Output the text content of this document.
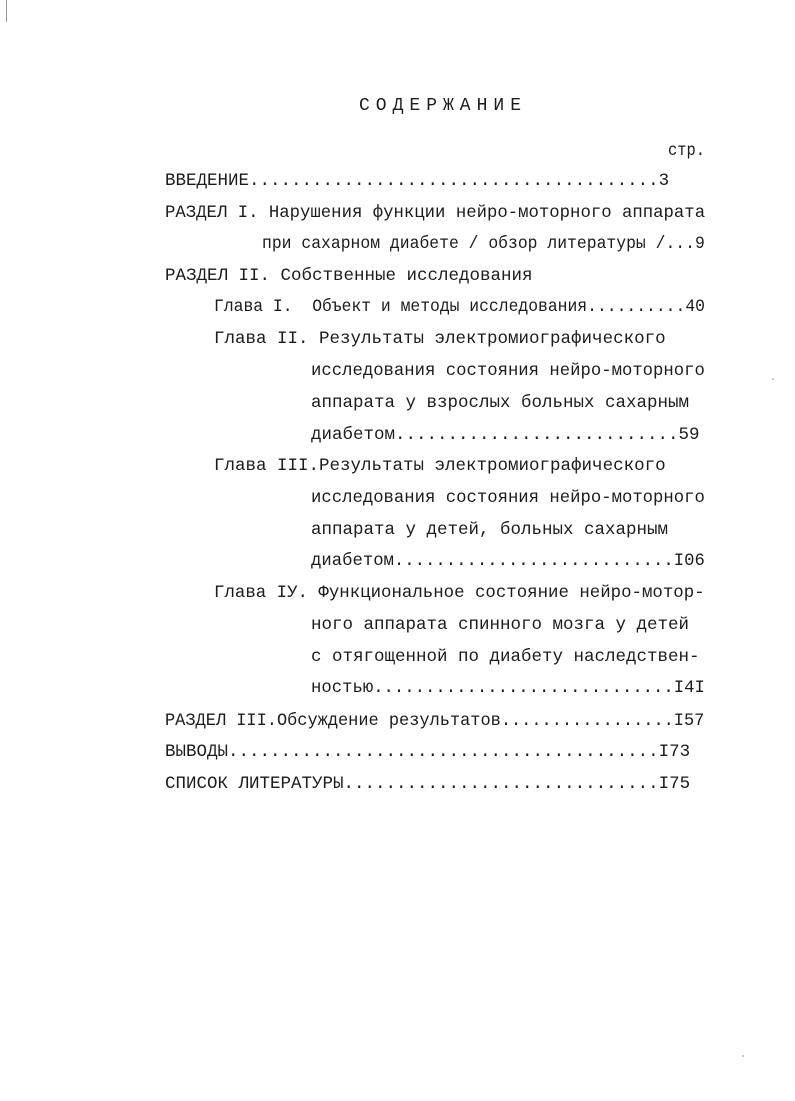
СОДЕРЖАНИЕ
стр.
ВВЕДЕНИЕ.......................................3
РАЗДЕЛ I. Нарушения функции нейро-моторного аппарата
при сахарном диабете / обзор литературы /...9
РАЗДЕЛ II. Собственные исследования
Глава I.  Объект и методы исследования..........40
Глава II. Результаты электромиографического
исследования состояния нейро-моторного
аппарата у взрослых больных сахарным
диабетом...........................59
Глава III.Результаты электромиографического
исследования состояния нейро-моторного
аппарата у детей, больных сахарным
диабетом...........................I06
Глава IУ. Функциональное состояние нейро-мотор-
ного аппарата спинного мозга у детей
с отягощенной по диабету наследствен-
ностью.............................I4I
РАЗДЕЛ III.Обсуждение результатов.................I57
ВЫВОДЫ.........................................I73
СПИСОК ЛИТЕРАТУРЫ..............................I75
